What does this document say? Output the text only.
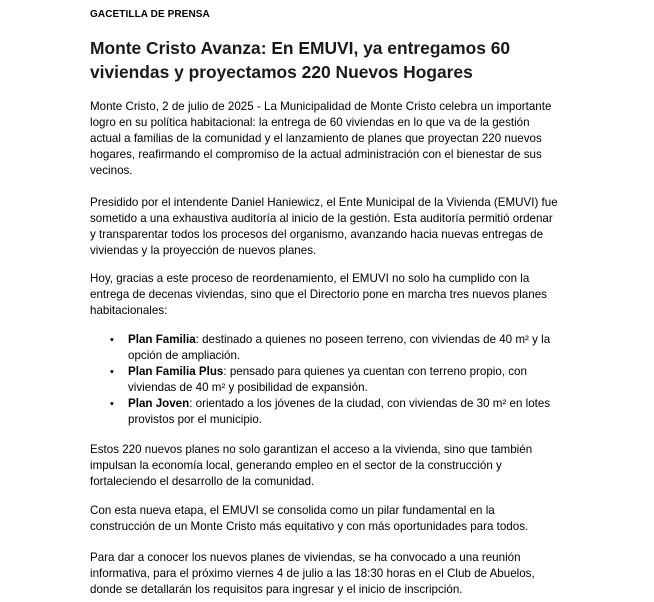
GACETILLA DE PRENSA
Monte Cristo Avanza: En EMUVI, ya entregamos 60 viviendas y proyectamos 220 Nuevos Hogares

Monte Cristo, 2 de julio de 2025 - La Municipalidad de Monte Cristo celebra un importante logro en su política habitacional: la entrega de 60 viviendas en lo que va de la gestión actual a familias de la comunidad y el lanzamiento de planes que proyectan 220 nuevos hogares, reafirmando el compromiso de la actual administración con el bienestar de sus vecinos.

Presidido por el intendente Daniel Haniewicz, el Ente Municipal de la Vivienda (EMUVI) fue sometido a una exhaustiva auditoría al inicio de la gestión. Esta auditoría permitió ordenar y transparentar todos los procesos del organismo, avanzando hacia nuevas entregas de viviendas y la proyección de nuevos planes.

Hoy, gracias a este proceso de reordenamiento, el EMUVI no solo ha cumplido con la entrega de decenas viviendas, sino que el Directorio pone en marcha tres nuevos planes habitacionales:

• Plan Familia: destinado a quienes no poseen terreno, con viviendas de 40 m² y la opción de ampliación.
• Plan Familia Plus: pensado para quienes ya cuentan con terreno propio, con viviendas de 40 m² y posibilidad de expansión.
• Plan Joven: orientado a los jóvenes de la ciudad, con viviendas de 30 m² en lotes provistos por el municipio.

Estos 220 nuevos planes no solo garantizan el acceso a la vivienda, sino que también impulsan la economía local, generando empleo en el sector de la construcción y fortaleciendo el desarrollo de la comunidad.

Con esta nueva etapa, el EMUVI se consolida como un pilar fundamental en la construcción de un Monte Cristo más equitativo y con más oportunidades para todos.

Para dar a conocer los nuevos planes de viviendas, se ha convocado a una reunión informativa, para el próximo viernes 4 de julio a las 18:30 horas en el Club de Abuelos, donde se detallarán los requisitos para ingresar y el inicio de inscripción.
